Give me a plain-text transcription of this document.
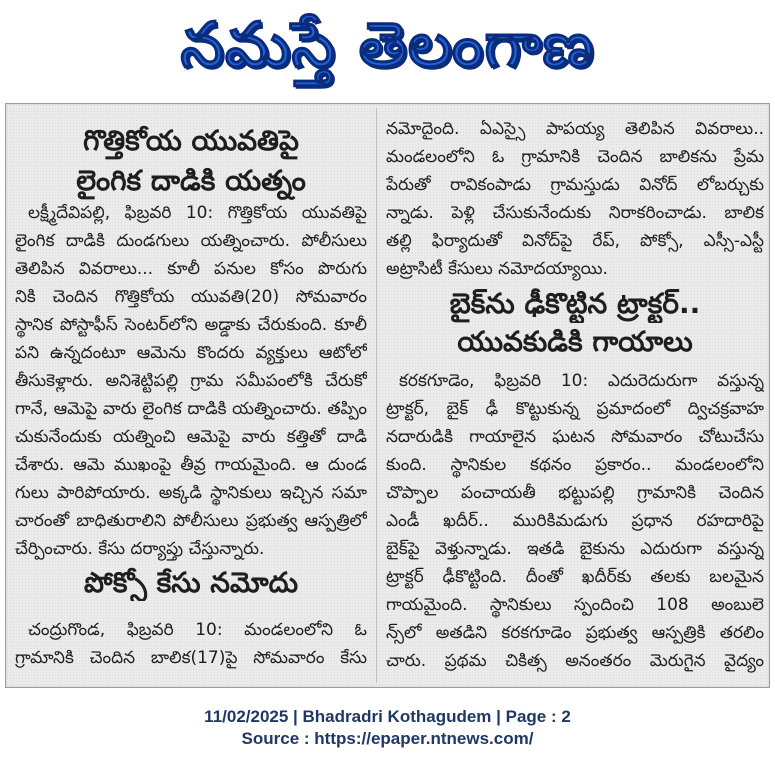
నమస్తే తెలంగాణ
గొత్తికోయ యువతిపై
లైంగిక దాడికి యత్నం
లక్ష్మీదేవిపల్లి, ఫిబ్రవరి 10: గొత్తికోయ యువతిపై
లైంగిక దాడికి దుండగులు యత్నించారు. పోలీసులు
తెలిపిన వివరాలు... కూలీ పనుల కోసం పొరుగు
నికి చెందిన గొత్తికోయ యువతి(20) సోమవారం
స్థానిక పోస్టాఫీస్ సెంటర్‌లోని అడ్డాకు చేరుకుంది. కూలీ
పని ఉన్నదంటూ ఆమెను కొందరు వ్యక్తులు ఆటోలో
తీసుకెళ్లారు. అనిశెట్టిపల్లి గ్రామ సమీపంలోకి చేరుకో
గానే, ఆమెపై వారు లైంగిక దాడికి యత్నించారు. తప్పిం
చుకునేందుకు యత్నించి ఆమెపై వారు కత్తితో దాడి
చేశారు. ఆమె ముఖంపై తీవ్ర గాయమైంది. ఆ దుండ
గులు పారిపోయారు. అక్కడి స్థానికులు ఇచ్చిన సమా
చారంతో బాధితురాలిని పోలీసులు ప్రభుత్వ ఆస్పత్రిలో
చేర్పించారు. కేసు దర్యాప్తు చేస్తున్నారు.
పోక్సో కేసు నమోదు
చంద్రుగొండ, ఫిబ్రవరి 10: మండలంలోని ఓ
గ్రామానికి చెందిన బాలిక(17)పై సోమవారం కేసు
నమోదైంది. ఏఎస్సై పాపయ్య తెలిపిన వివరాలు..
మండలంలోని ఓ గ్రామానికి చెందిన బాలికను ప్రేమ
పేరుతో రావికంపాడు గ్రామస్తుడు వినోద్ లోబర్చుకు
న్నాడు. పెళ్లి చేసుకునేందుకు నిరాకరించాడు. బాలిక
తల్లి ఫిర్యాదుతో వినోద్‌పై రేప్, పోక్సో, ఎస్సీ-ఎస్టీ
అట్రాసిటీ కేసులు నమోదయ్యాయి.
బైక్‌ను ఢీకొట్టిన ట్రాక్టర్..
యువకుడికి గాయాలు
కరకగూడెం, ఫిబ్రవరి 10: ఎదురెదురుగా వస్తున్న
ట్రాక్టర్, బైక్ ఢీ కొట్టుకున్న ప్రమాదంలో ద్విచక్రవాహ
నదారుడికి గాయాలైన ఘటన సోమవారం చోటుచేసు
కుంది. స్థానికుల కథనం ప్రకారం.. మండలంలోని
చొప్పాల పంచాయతీ భట్టుపల్లి గ్రామానికి చెందిన
ఎండీ ఖదీర్.. మురికిమడుగు ప్రధాన రహదారిపై
బైక్‌పై వెళ్తున్నాడు. ఇతడి బైకును ఎదురుగా వస్తున్న
ట్రాక్టర్ ఢీకొట్టింది. దీంతో ఖదీర్‌కు తలకు బలమైన
గాయమైంది. స్థానికులు స్పందించి 108 అంబులె
న్స్‌లో అతడిని కరకగూడెం ప్రభుత్వ ఆస్పత్రికి తరలిం
చారు. ప్రథమ చికిత్స అనంతరం మెరుగైన వైద్యం
11/02/2025 | Bhadradri Kothagudem | Page : 2
Source : https://epaper.ntnews.com/
